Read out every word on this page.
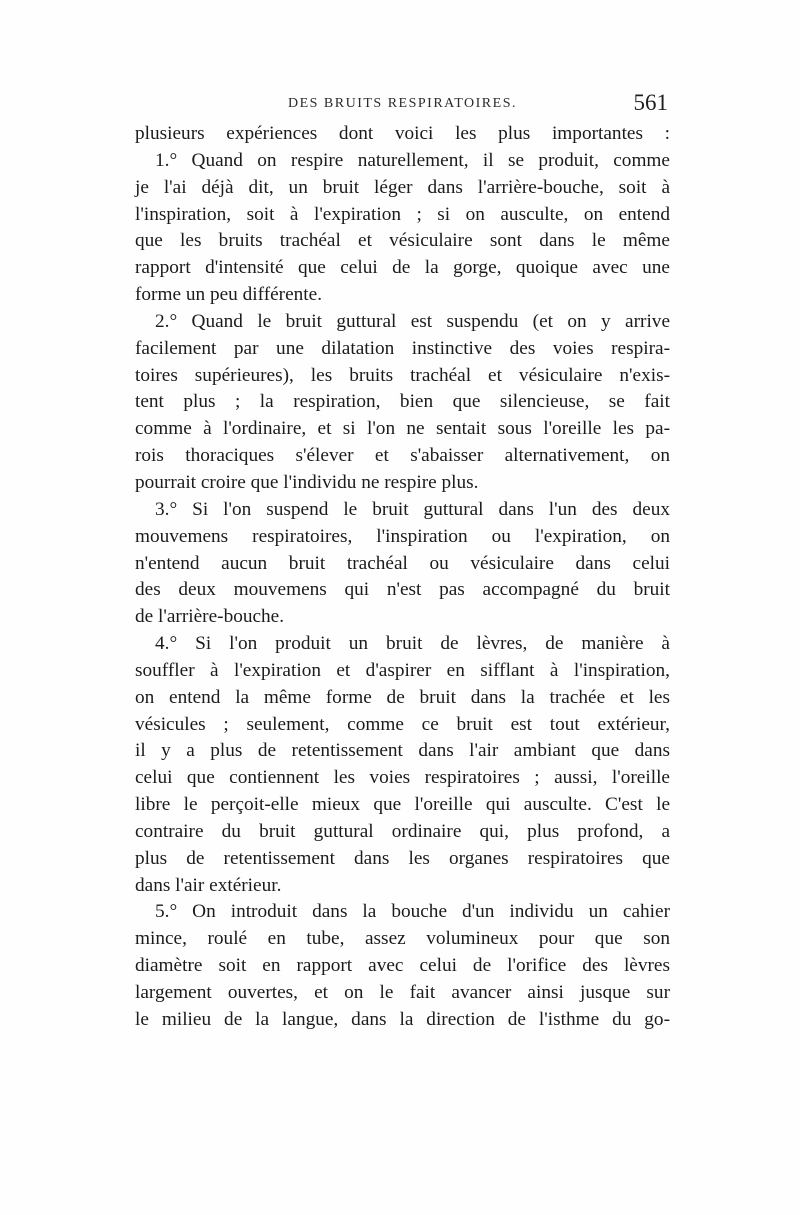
DES BRUITS RESPIRATOIRES.	561
plusieurs expériences dont voici les plus importantes :
1.° Quand on respire naturellement, il se produit, comme
je l'ai déjà dit, un bruit léger dans l'arrière-bouche, soit à
l'inspiration, soit à l'expiration ; si on ausculte, on entend
que les bruits trachéal et vésiculaire sont dans le même
rapport d'intensité que celui de la gorge, quoique avec une
forme un peu différente.
2.° Quand le bruit guttural est suspendu (et on y arrive
facilement par une dilatation instinctive des voies respira-
toires supérieures), les bruits trachéal et vésiculaire n'exis-
tent plus ; la respiration, bien que silencieuse, se fait
comme à l'ordinaire, et si l'on ne sentait sous l'oreille les pa-
rois thoraciques s'élever et s'abaisser alternativement, on
pourrait croire que l'individu ne respire plus.
3.° Si l'on suspend le bruit guttural dans l'un des deux
mouvemens respiratoires, l'inspiration ou l'expiration, on
n'entend aucun bruit trachéal ou vésiculaire dans celui
des deux mouvemens qui n'est pas accompagné du bruit
de l'arrière-bouche.
4.° Si l'on produit un bruit de lèvres, de manière à
souffler à l'expiration et d'aspirer en sifflant à l'inspiration,
on entend la même forme de bruit dans la trachée et les
vésicules ; seulement, comme ce bruit est tout extérieur,
il y a plus de retentissement dans l'air ambiant que dans
celui que contiennent les voies respiratoires ; aussi, l'oreille
libre le perçoit-elle mieux que l'oreille qui ausculte. C'est le
contraire du bruit guttural ordinaire qui, plus profond, a
plus de retentissement dans les organes respiratoires que
dans l'air extérieur.
5.° On introduit dans la bouche d'un individu un cahier
mince, roulé en tube, assez volumineux pour que son
diamètre soit en rapport avec celui de l'orifice des lèvres
largement ouvertes, et on le fait avancer ainsi jusque sur
le milieu de la langue, dans la direction de l'isthme du go-
